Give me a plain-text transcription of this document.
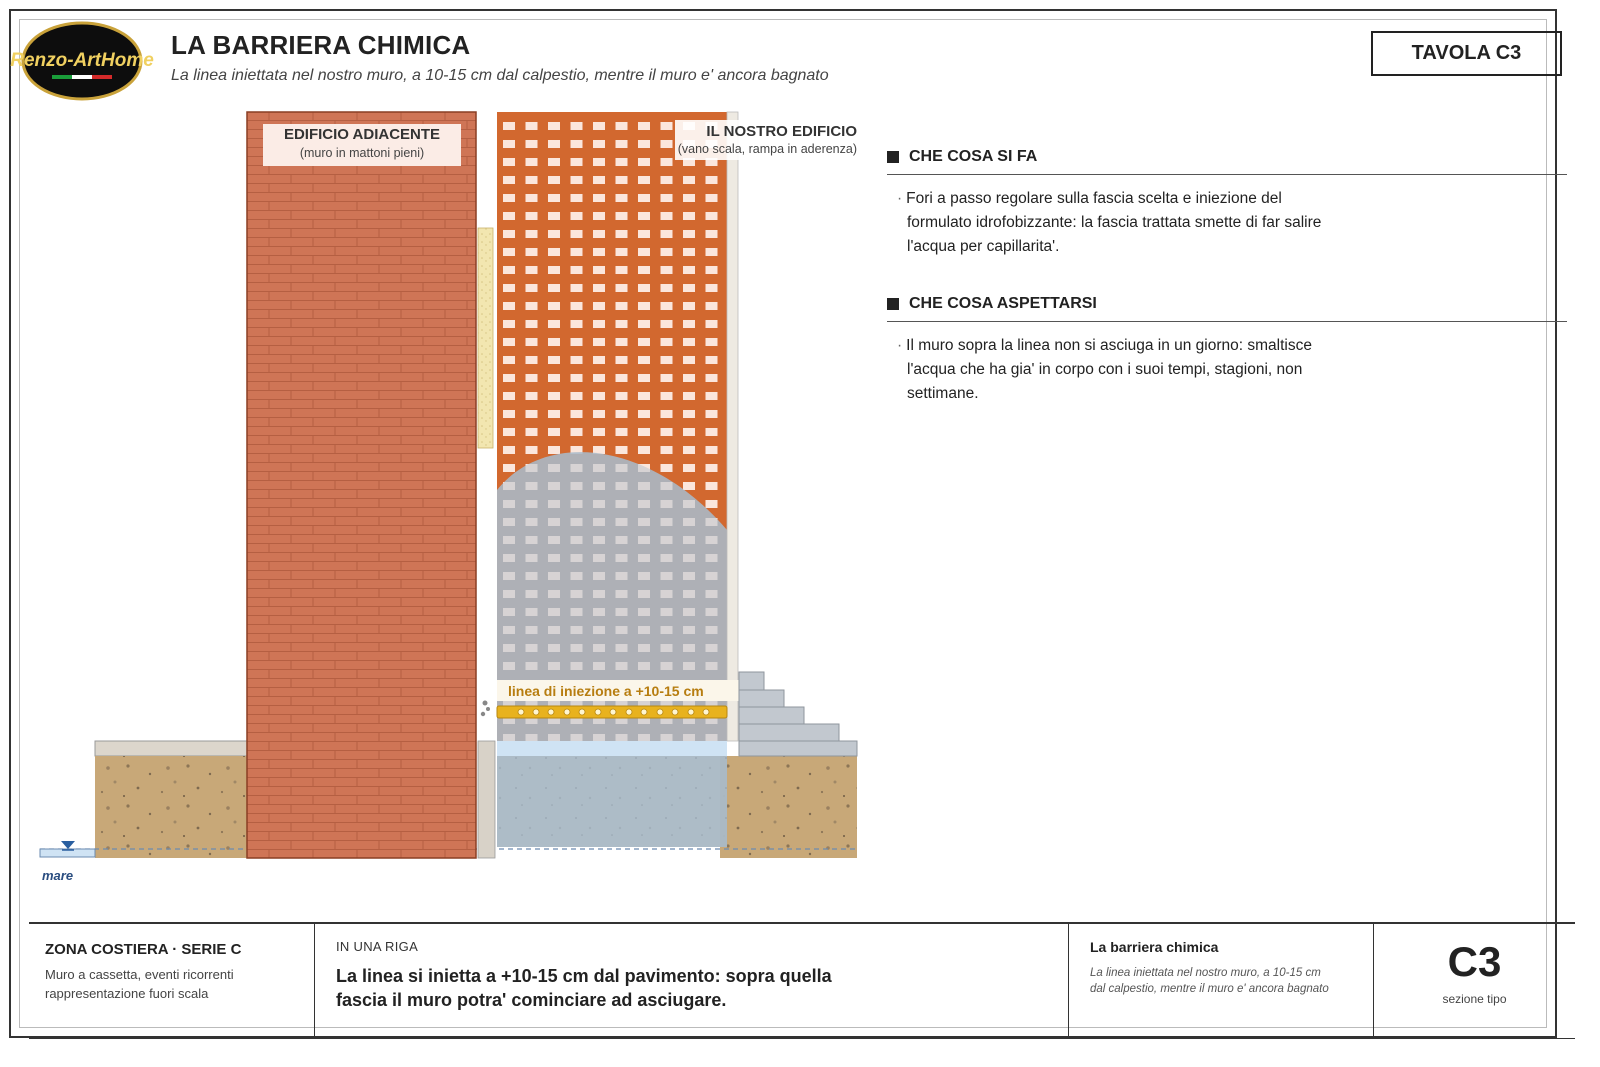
Renzo-ArtHome
LA BARRIERA CHIMICA
La linea iniettata nel nostro muro, a 10-15 cm dal calpestio, mentre il muro e' ancora bagnato
TAVOLA C3
EDIFICIO ADIACENTE
(muro in mattoni pieni)
IL NOSTRO EDIFICIO
(vano scala, rampa in aderenza)
linea di iniezione a +10-15 cm
mare
CHE COSA SI FA
· Fori a passo regolare sulla fascia scelta e iniezione del formulato idrofobizzante: la fascia trattata smette di far salire l'acqua per capillarita'.
CHE COSA ASPETTARSI
· Il muro sopra la linea non si asciuga in un giorno: smaltisce l'acqua che ha gia' in corpo con i suoi tempi, stagioni, non settimane.
ZONA COSTIERA · SERIE C
Muro a cassetta, eventi ricorrenti
rappresentazione fuori scala
IN UNA RIGA
La linea si inietta a +10-15 cm dal pavimento: sopra quella fascia il muro potra' cominciare ad asciugare.
La barriera chimica
La linea iniettata nel nostro muro, a 10-15 cm dal calpestio, mentre il muro e' ancora bagnato
C3
sezione tipo
